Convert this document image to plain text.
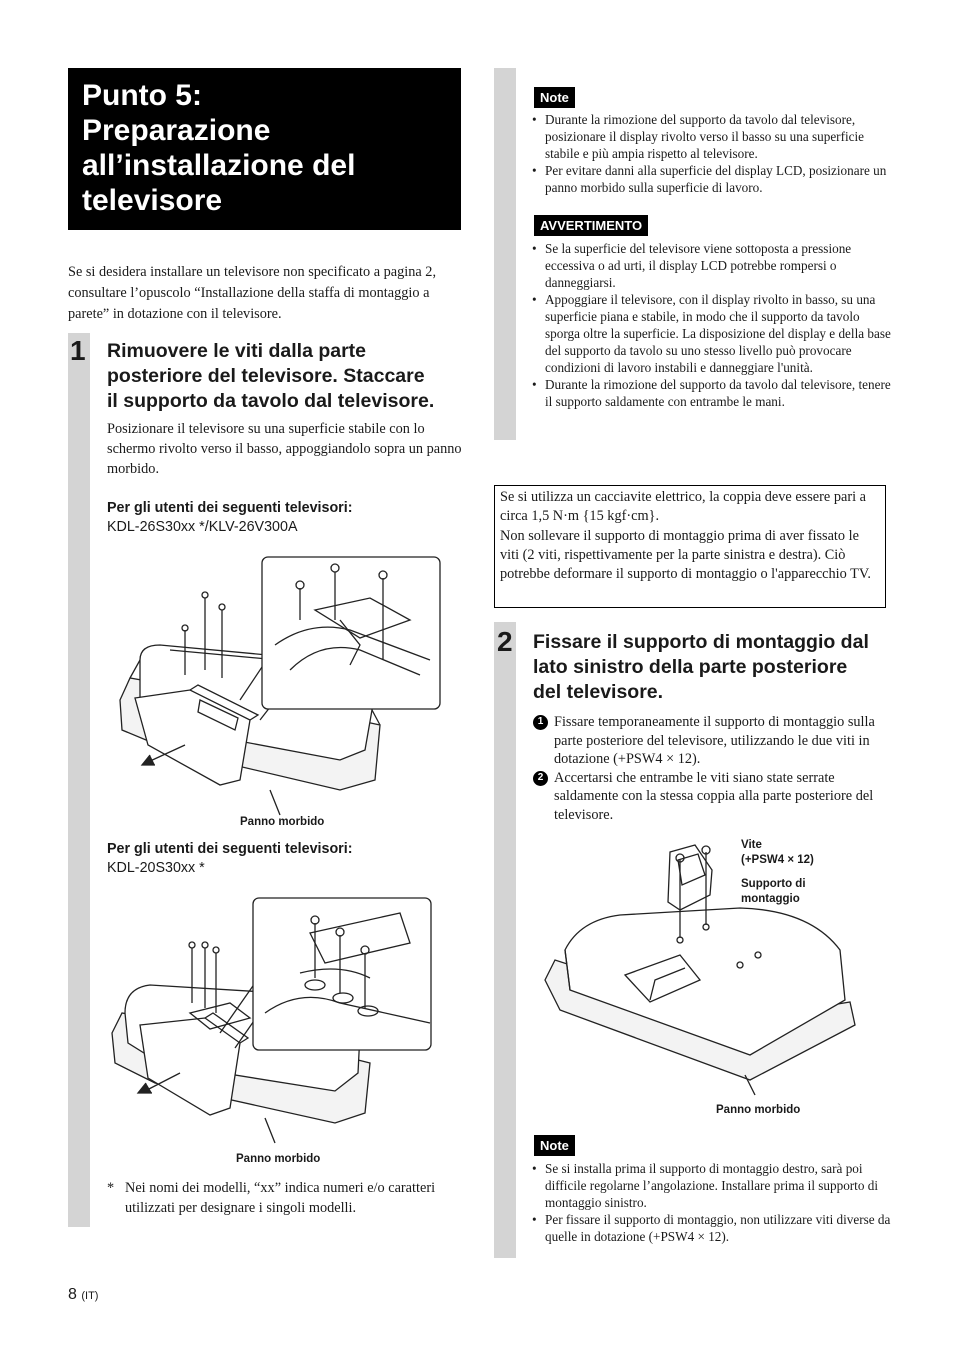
Punto 5:
Preparazione
all’installazione del
televisore

Se si desidera installare un televisore non specificato a pagina 2, consultare l’opuscolo “Installazione della staffa di montaggio a parete” in dotazione con il televisore.

1 Rimuovere le viti dalla parte
posteriore del televisore. Staccare
il supporto da tavolo dal televisore.

Posizionare il televisore su una superficie stabile con lo schermo rivolto verso il basso, appoggiandolo sopra un panno morbido.

Per gli utenti dei seguenti televisori:
KDL-26S30xx */KLV-26V300A
Panno morbido
Per gli utenti dei seguenti televisori:
KDL-20S30xx *
Panno morbido
* Nei nomi dei modelli, “xx” indica numeri e/o caratteri utilizzati per designare i singoli modelli.

Note
• Durante la rimozione del supporto da tavolo dal televisore, posizionare il display rivolto verso il basso su una superficie stabile e più ampia rispetto al televisore.
• Per evitare danni alla superficie del display LCD, posizionare un panno morbido sulla superficie di lavoro.
AVVERTIMENTO
• Se la superficie del televisore viene sottoposta a pressione eccessiva o ad urti, il display LCD potrebbe rompersi o danneggiarsi.
• Appoggiare il televisore, con il display rivolto in basso, su una superficie piana e stabile, in modo che il supporto da tavolo sporga oltre la superficie. La disposizione del display e della base del supporto da tavolo su uno stesso livello può provocare condizioni di lavoro instabili e danneggiare l'unità.
• Durante la rimozione del supporto da tavolo dal televisore, tenere il supporto saldamente con entrambe le mani.

Se si utilizza un cacciavite elettrico, la coppia deve essere pari a circa 1,5 N·m {15 kgf·cm}.

Non sollevare il supporto di montaggio prima di aver fissato le viti (2 viti, rispettivamente per la parte sinistra e destra). Ciò potrebbe deformare il supporto di montaggio o l'apparecchio TV.

2 Fissare il supporto di montaggio dal
lato sinistro della parte posteriore
del televisore.
1 Fissare temporaneamente il supporto di montaggio sulla parte posteriore del televisore, utilizzando le due viti in dotazione (+PSW4 × 12).
2 Accertarsi che entrambe le viti siano state serrate saldamente con la stessa coppia alla parte posteriore del televisore.
Vite
(+PSW4 × 12)
Supporto di
montaggio
Panno morbido
Note
• Se si installa prima il supporto di montaggio destro, sarà poi difficile regolarne l’angolazione. Installare prima il supporto di montaggio sinistro.
• Per fissare il supporto di montaggio, non utilizzare viti diverse da quelle in dotazione (+PSW4 × 12).
8 (IT)
